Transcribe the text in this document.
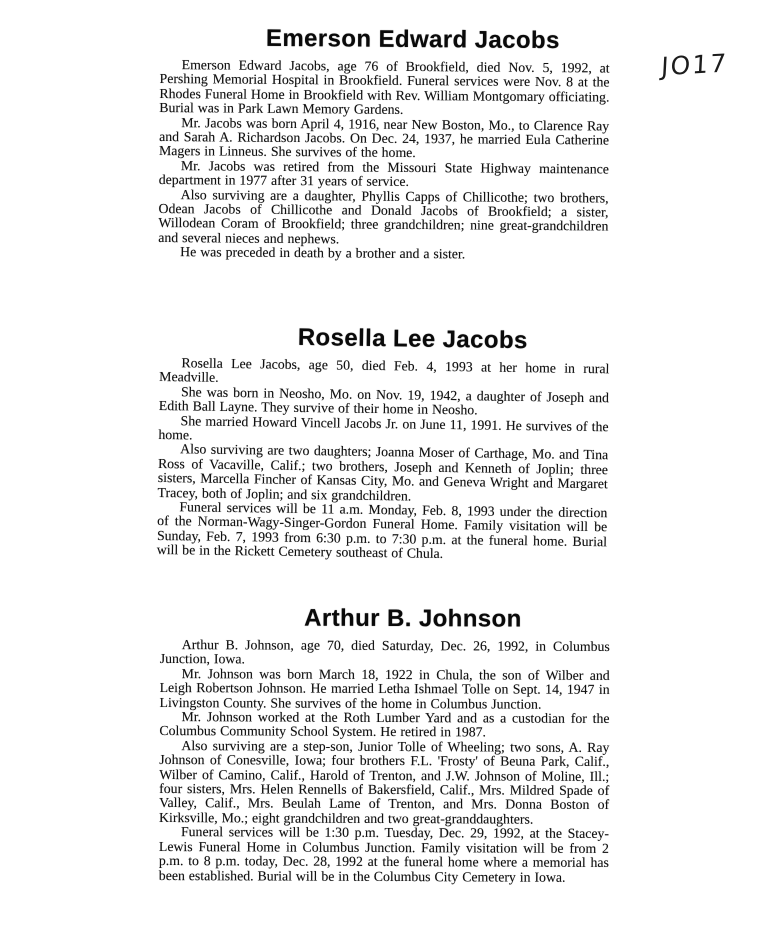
JO17
Emerson Edward Jacobs

Emerson Edward Jacobs, age 76 of Brookfield, died Nov. 5, 1992, at Pershing Memorial Hospital in Brookfield. Funeral services were Nov. 8 at the Rhodes Funeral Home in Brookfield with Rev. William Montgomary officiating. Burial was in Park Lawn Memory Gardens.

Mr. Jacobs was born April 4, 1916, near New Boston, Mo., to Clarence Ray and Sarah A. Richardson Jacobs. On Dec. 24, 1937, he married Eula Catherine Magers in Linneus. She survives of the home.

Mr. Jacobs was retired from the Missouri State Highway maintenance department in 1977 after 31 years of service.

Also surviving are a daughter, Phyllis Capps of Chillicothe; two brothers, Odean Jacobs of Chillicothe and Donald Jacobs of Brookfield; a sister, Willodean Coram of Brookfield; three grandchildren; nine great-grandchildren and several nieces and nephews.

He was preceded in death by a brother and a sister.

Rosella Lee Jacobs

Rosella Lee Jacobs, age 50, died Feb. 4, 1993 at her home in rural Meadville.

She was born in Neosho, Mo. on Nov. 19, 1942, a daughter of Joseph and Edith Ball Layne. They survive of their home in Neosho.

She married Howard Vincell Jacobs Jr. on June 11, 1991. He survives of the home.

Also surviving are two daughters; Joanna Moser of Carthage, Mo. and Tina Ross of Vacaville, Calif.; two brothers, Joseph and Kenneth of Joplin; three sisters, Marcella Fincher of Kansas City, Mo. and Geneva Wright and Margaret Tracey, both of Joplin; and six grandchildren.

Funeral services will be 11 a.m. Monday, Feb. 8, 1993 under the direction of the Norman-Wagy-Singer-Gordon Funeral Home. Family visitation will be Sunday, Feb. 7, 1993 from 6:30 p.m. to 7:30 p.m. at the funeral home. Burial will be in the Rickett Cemetery southeast of Chula.

Arthur B. Johnson

Arthur B. Johnson, age 70, died Saturday, Dec. 26, 1992, in Columbus Junction, Iowa.

Mr. Johnson was born March 18, 1922 in Chula, the son of Wilber and Leigh Robertson Johnson. He married Letha Ishmael Tolle on Sept. 14, 1947 in Livingston County. She survives of the home in Columbus Junction.

Mr. Johnson worked at the Roth Lumber Yard and as a custodian for the Columbus Community School System. He retired in 1987.

Also surviving are a step-son, Junior Tolle of Wheeling; two sons, A. Ray Johnson of Conesville, Iowa; four brothers F.L. 'Frosty' of Beuna Park, Calif., Wilber of Camino, Calif., Harold of Trenton, and J.W. Johnson of Moline, Ill.; four sisters, Mrs. Helen Rennells of Bakersfield, Calif., Mrs. Mildred Spade of Valley, Calif., Mrs. Beulah Lame of Trenton, and Mrs. Donna Boston of Kirksville, Mo.; eight grandchildren and two great-granddaughters.

Funeral services will be 1:30 p.m. Tuesday, Dec. 29, 1992, at the Stacey-Lewis Funeral Home in Columbus Junction. Family visitation will be from 2 p.m. to 8 p.m. today, Dec. 28, 1992 at the funeral home where a memorial has been established. Burial will be in the Columbus City Cemetery in Iowa.
